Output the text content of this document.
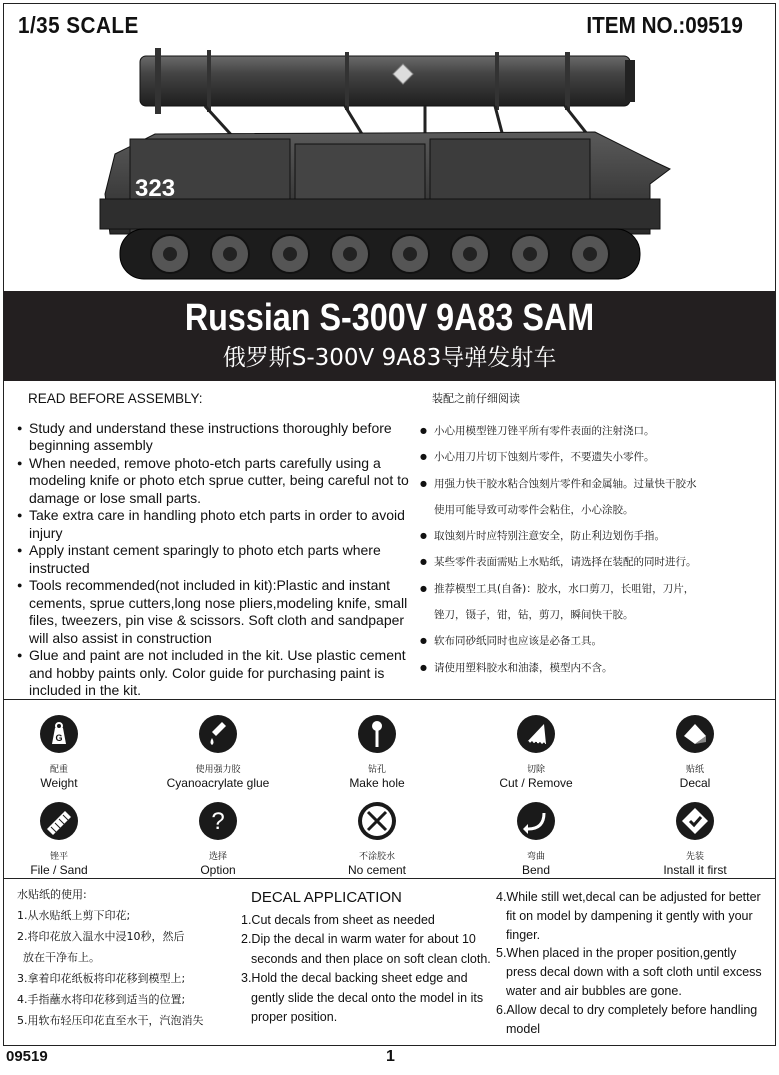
1/35 SCALE	ITEM NO.:09519
323
Russian S-300V 9A83 SAM
俄罗斯S-300V 9A83导弹发射车
READ BEFORE ASSEMBLY:
● Study and understand these instructions thoroughly before beginning assembly
● When needed, remove photo-etch parts carefully using a modeling knife or photo etch sprue cutter, being careful not to damage or lose small parts.
● Take extra care in handling photo etch parts in order to avoid injury
● Apply instant cement sparingly to photo etch parts where instructed
● Tools recommended(not included in kit):Plastic and instant cements, sprue cutters,long nose pliers,modeling knife, small files, tweezers, pin vise & scissors. Soft cloth and sandpaper will also assist in construction
● Glue and paint are not included in the kit. Use plastic cement and hobby paints only. Color guide for purchasing paint is included in the kit.
装配之前仔细阅读
● 小心用模型锉刀锉平所有零件表面的注射浇口。
● 小心用刀片切下蚀刻片零件，不要遗失小零件。
● 用强力快干胶水粘合蚀刻片零件和金属轴。过量快干胶水
使用可能导致可动零件会粘住，小心涂胶。
● 取蚀刻片时应特别注意安全，防止利边划伤手指。
● 某些零件表面需贴上水贴纸，请选择在装配的同时进行。
● 推荐模型工具(自备)：胶水，水口剪刀，长咀钳，刀片，
锉刀，镊子，钳，钻，剪刀，瞬间快干胶。
● 软布同砂纸同时也应该是必备工具。
● 请使用塑料胶水和油漆，模型内不含。
G
配重
Weight
使用强力胶
Cyanoacrylate glue
钻孔
Make hole
切除
Cut / Remove
贴纸
Decal
锉平
File / Sand
?
选择
Option
不涂胶水
No cement
弯曲
Bend
先装
Install it first
水贴纸的使用:
1.从水贴纸上剪下印花;
2.将印花放入温水中浸10秒，然后
放在干净布上。
3.拿着印花纸板将印花移到模型上;
4.手指蘸水将印花移到适当的位置;
5.用软布轻压印花直至水干，汽泡消失
DECAL APPLICATION
1.Cut decals from sheet as needed
2.Dip the decal in warm water for about 10 seconds and then place on soft clean cloth.
3.Hold the decal backing sheet edge and gently slide the decal onto the model in its proper position.
4.While still wet,decal can be adjusted for better fit on model by dampening it gently with your finger.
5.When placed in the proper position,gently press decal down with a soft cloth until excess water and air bubbles are gone.
6.Allow decal to dry completely before handling model
09519	1
